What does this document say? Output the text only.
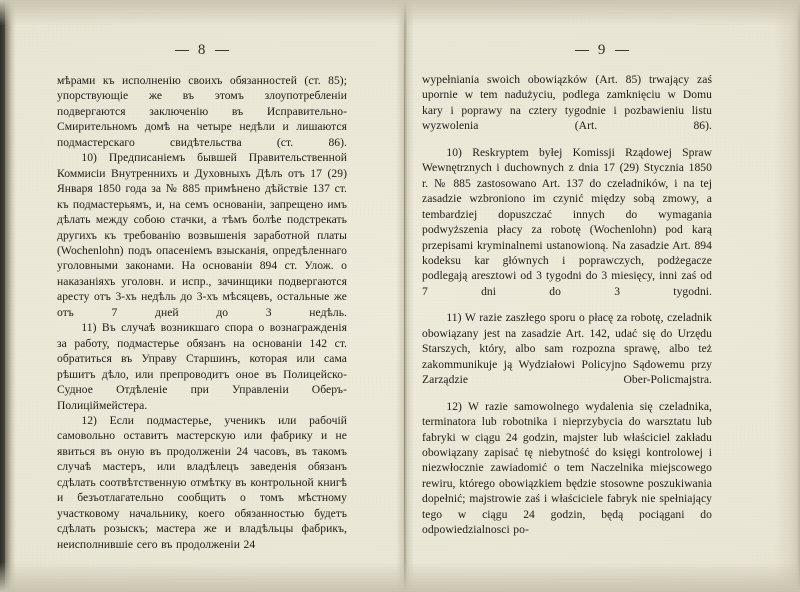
8

мѣрами къ исполненію своихъ обязанностей (ст. 85); упорствующіе же въ этомъ злоупотребленіи подвергаются заключенію въ Исправительно-Смирительномъ домѣ на четыре недѣли и лишаются подмастерскаго свидѣтельства (ст. 86).

10) Предписаніемъ бывшей Правительственной Коммисіи Внутреннихъ и Духовныхъ Дѣлъ отъ 17 (29) Января 1850 года за № 885 примѣнено дѣйствіе 137 ст. къ подмастерьямъ, и, на семъ основаніи, запрещено имъ дѣлать между собою стачки, а тѣмъ болѣе подстрекать другихъ къ требованію возвышенія заработной платы (Wochenlohn) подъ опасеніемъ взысканія, опредѣленнаго уголовными законами. На основаніи 894 ст. Улож. о наказаніяхъ уголовн. и испр., зачинщики подвергаются аресту отъ 3-хъ недѣль до 3-хъ мѣсяцевъ, остальные же отъ 7 дней до 3 недѣль.

11) Въ случаѣ возникшаго спора о вознагражденія за работу, подмастерье обязанъ на основаніи 142 ст. обратиться въ Управу Старшинъ, которая или сама рѣшитъ дѣло, или препроводитъ оное въ Полицейско-Судное Отдѣленіе при Управленіи Оберъ-Полиціймейстера.

12) Если подмастерье, ученикъ или рабочій самовольно оставитъ мастерскую или фабрику и не явиться въ оную въ продолженіи 24 часовъ, въ такомъ случаѣ мастеръ, или владѣлецъ заведенія обязанъ сдѣлать соотвѣтственную отмѣтку въ контрольной книгѣ и безъотлагательно сообщить о томъ мѣстному участковому начальнику, коего обязанностью будетъ сдѣлать розыскъ; мастера же и владѣльцы фабрикъ, неисполнившіе сего въ продолженіи 24

9

wypełniania swoich obowiązków (Art. 85) trwający zaś upornie w tem nadużyciu, podlega zamknięciu w Domu kary i poprawy na cztery tygodnie i pozbawieniu listu wyzwolenia (Art. 86).

10) Reskryptem byłej Komissji Rządowej Spraw Wewnętrznych i duchownych z dnia 17 (29) Stycznia 1850 r. № 885 zastosowano Art. 137 do czeladników, i na tej zasadzie wzbroniono im czynić między sobą zmowy, a tembardziej dopuszczać innych do wymagania podwyższenia płacy za robotę (Wochenlohn) pod karą przepisami kryminalnemi ustanowioną. Na zasadzie Art. 894 kodeksu kar głównych i poprawczych, podżegacze podlegają aresztowi od 3 tygodni do 3 miesięcy, inni zaś od 7 dni do 3 tygodni.

11) W razie zaszłego sporu o płacę za robotę, czeladnik obowiązany jest na zasadzie Art. 142, udać się do Urzędu Starszych, który, albo sam rozpozna sprawę, albo też zakommunikuje ją Wydziałowi Policyjno Sądowemu przy Zarządzie Ober-Policmajstra.

12) W razie samowolnego wydalenia się czeladnika, terminatora lub robotnika i nieprzybycia do warsztatu lub fabryki w ciągu 24 godzin, majster lub właściciel zakładu obowiązany zapisać tę niebytność do księgi kontrolowej i niezwłocznie zawiadomić o tem Naczelnika miejscowego rewiru, którego obowiązkiem będzie stosowne poszukiwania dopełnić; majstrowie zaś i właściciele fabryk nie spełniający tego w ciągu 24 godzin, będą pociągani do odpowiedzialnosci po-
